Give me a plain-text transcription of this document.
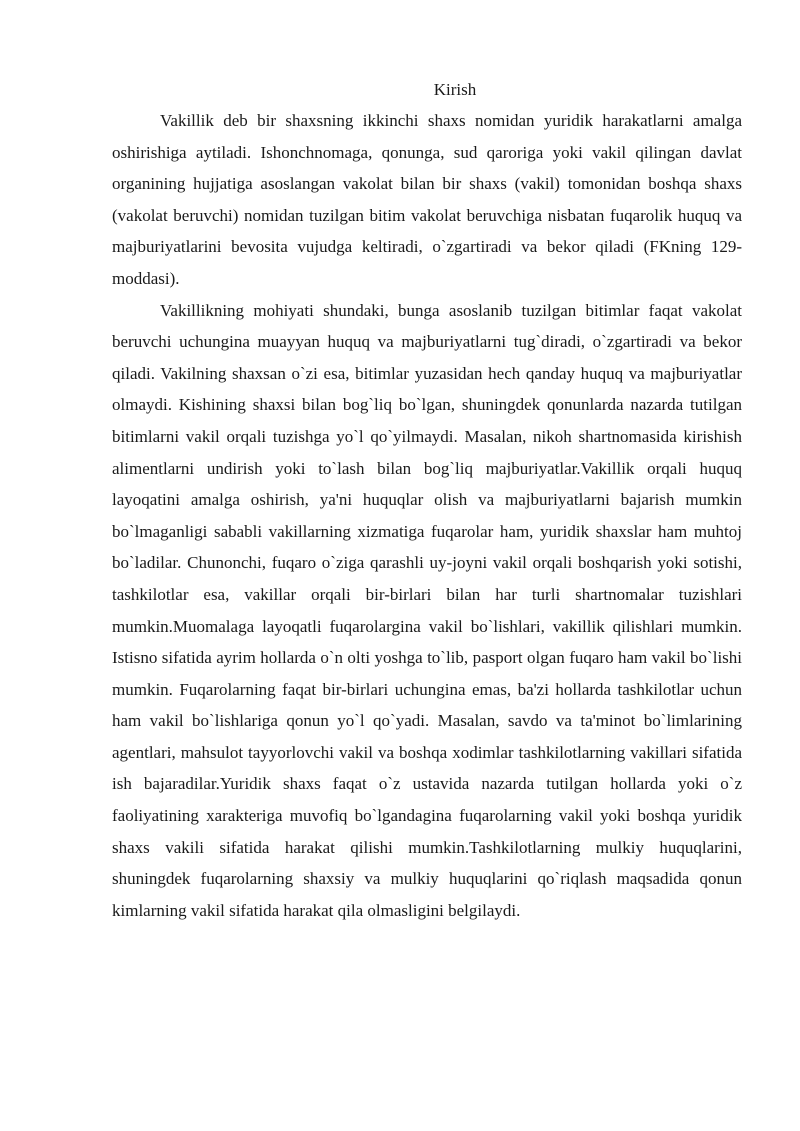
Kirish

Vakillik deb bir shaxsning ikkinchi shaxs nomidan yuridik harakatlarni amalga oshirishiga aytiladi. Ishonchnomaga, qonunga, sud qaroriga yoki vakil qilingan davlat organining hujjatiga asoslangan vakolat bilan bir shaxs (vakil) tomonidan boshqa shaxs (vakolat beruvchi) nomidan tuzilgan bitim vakolat beruvchiga nisbatan fuqarolik huquq va majburiyatlarini bevosita vujudga keltiradi, o`zgartiradi va bekor qiladi (FKning 129-moddasi).

Vakillikning mohiyati shundaki, bunga asoslanib tuzilgan bitimlar faqat vakolat beruvchi uchungina muayyan huquq va majburiyatlarni tug`diradi, o`zgartiradi va bekor qiladi. Vakilning shaxsan o`zi esa, bitimlar yuzasidan hech qanday huquq va majburiyatlar olmaydi. Kishining shaxsi bilan bog`liq bo`lgan, shuningdek qonunlarda nazarda tutilgan bitimlarni vakil orqali tuzishga yo`l qo`yilmaydi. Masalan, nikoh shartnomasida kirishish alimentlarni undirish yoki to`lash bilan bog`liq majburiyatlar.Vakillik orqali huquq layoqatini amalga oshirish, ya'ni huquqlar olish va majburiyatlarni bajarish mumkin bo`lmaganligi sababli vakillarning xizmatiga fuqarolar ham, yuridik shaxslar ham muhtoj bo`ladilar. Chunonchi, fuqaro o`ziga qarashli uy-joyni vakil orqali boshqarish yoki sotishi, tashkilotlar esa, vakillar orqali bir-birlari bilan har turli shartnomalar tuzishlari mumkin.Muomalaga layoqatli fuqarolargina vakil bo`lishlari, vakillik qilishlari mumkin. Istisno sifatida ayrim hollarda o`n olti yoshga to`lib, pasport olgan fuqaro ham vakil bo`lishi mumkin. Fuqarolarning faqat bir-birlari uchungina emas, ba'zi hollarda tashkilotlar uchun ham vakil bo`lishlariga qonun yo`l qo`yadi. Masalan, savdo va ta'minot bo`limlarining agentlari, mahsulot tayyorlovchi vakil va boshqa xodimlar tashkilotlarning vakillari sifatida ish bajaradilar.Yuridik shaxs faqat o`z ustavida nazarda tutilgan hollarda yoki o`z faoliyatining xarakteriga muvofiq bo`lgandagina fuqarolarning vakil yoki boshqa yuridik shaxs vakili sifatida harakat qilishi mumkin.Tashkilotlarning mulkiy huquqlarini, shuningdek fuqarolarning shaxsiy va mulkiy huquqlarini qo`riqlash maqsadida qonun kimlarning vakil sifatida harakat qila olmasligini belgilaydi.
